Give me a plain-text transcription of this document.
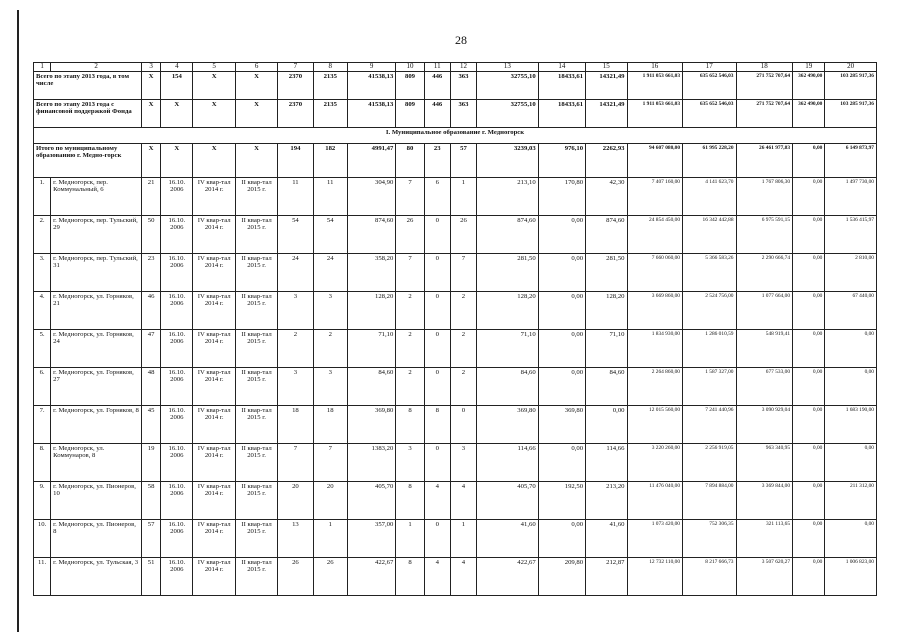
28
1	2	3	4	5	6	7	8	9	10	11	12	13	14	15	16	17	18	19	20
Всего по этапу 2013 года, в том числе		X	154	X	X	2370	2135	41538,13	809	446	363	32755,10	18433,61	14321,49	1 911 053 661,03	635 652 546,03	271 752 707,64	362 490,00	103 285 917,36
Всего по этапу 2013 года с финансовой поддержкой Фонда		X	X	X	X	2370	2135	41538,13	809	446	363	32755,10	18433,61	14321,49	1 911 053 661,03	635 652 546,03	271 752 707,64	362 490,00	103 285 917,36
I. Муниципальное образование г. Медногорск																			
Итого по муниципальному образованию г. Медно-горск		X	X	X	X	194	182	4991,47	80	23	57	3239,03	976,10	2262,93	94 607 080,00	61 995 228,20	26 461 977,83	0,00	6 149 873,97
1.	г. Медногорск, пер. Коммунальный, 6	21	16.10. 2006	IV квар-тал 2014 г.	II квар-тал 2015 г.	11	11	304,90	7	6	1	213,10	170,80	42,30	7 407 160,00	4 141 623,70	1 767 806,30	0,00	1 497 730,00
2.	г. Медногорск, пер. Тульский, 29	50	16.10. 2006	IV квар-тал 2014 г.	II квар-тал 2015 г.	54	54	874,60	26	0	26	874,60	0,00	874,60	24 854 450,00	16 342 442,88	6 975 591,15	0,00	1 536 415,97
3.	г. Медногорск, пер. Тульский, 31	23	16.10. 2006	IV квар-тал 2014 г.	II квар-тал 2015 г.	24	24	358,20	7	0	7	281,50	0,00	281,50	7 660 060,00	5 366 583,26	2 290 666,74	0,00	2 810,00
4.	г. Медногорск, ул. Горняков, 21	46	16.10. 2006	IV квар-тал 2014 г.	II квар-тал 2015 г.	3	3	128,20	2	0	2	128,20	0,00	128,20	3 669 860,00	2 524 756,00	1 077 664,00	0,00	67 440,00
5.	г. Медногорск, ул. Горняков, 24	47	16.10. 2006	IV квар-тал 2014 г.	II квар-тал 2015 г.	2	2	71,10	2	0	2	71,10	0,00	71,10	1 834 930,00	1 286 010,59	548 919,41	0,00	0,00
6.	г. Медногорск, ул. Горняков, 27	48	16.10. 2006	IV квар-тал 2014 г.	II квар-тал 2015 г.	3	3	84,60	2	0	2	84,60	0,00	84,60	2 264 860,00	1 587 327,00	677 533,00	0,00	0,00
7.	г. Медногорск, ул. Горняков, 8	45	16.10. 2006	IV квар-тал 2014 г.	II квар-тал 2015 г.	18	18	369,80	8	8	0	369,80	369,80	0,00	12 015 560,00	7 241 440,96	3 090 929,04	0,00	1 683 190,00
8.	г. Медногорск, ул. Коммунаров, 8	19	16.10. 2006	IV квар-тал 2014 г.	II квар-тал 2015 г.	7	7	1383,20	3	0	3	114,66	0,00	114,66	3 220 260,00	2 256 919,05	963 340,95	0,00	0,00
9.	г. Медногорск, ул. Пионеров, 10	58	16.10. 2006	IV квар-тал 2014 г.	II квар-тал 2015 г.	20	20	405,70	8	4	4	405,70	192,50	213,20	11 476 040,00	7 894 884,00	3 369 844,00	0,00	211 312,00
10.	г. Медногорск, ул. Пионеров, 8	57	16.10. 2006	IV квар-тал 2014 г.	II квар-тал 2015 г.	13	1	357,00	1	0	1	41,60	0,00	41,60	1 073 420,00	752 306,35	321 113,65	0,00	0,00
11.	г. Медногорск, ул. Тульская, 3	51	16.10. 2006	IV квар-тал 2014 г.	II квар-тал 2015 г.	26	26	422,67	8	4	4	422,67	209,80	212,87	12 732 110,00	8 217 666,73	3 507 620,27	0,00	1 006 823,00
